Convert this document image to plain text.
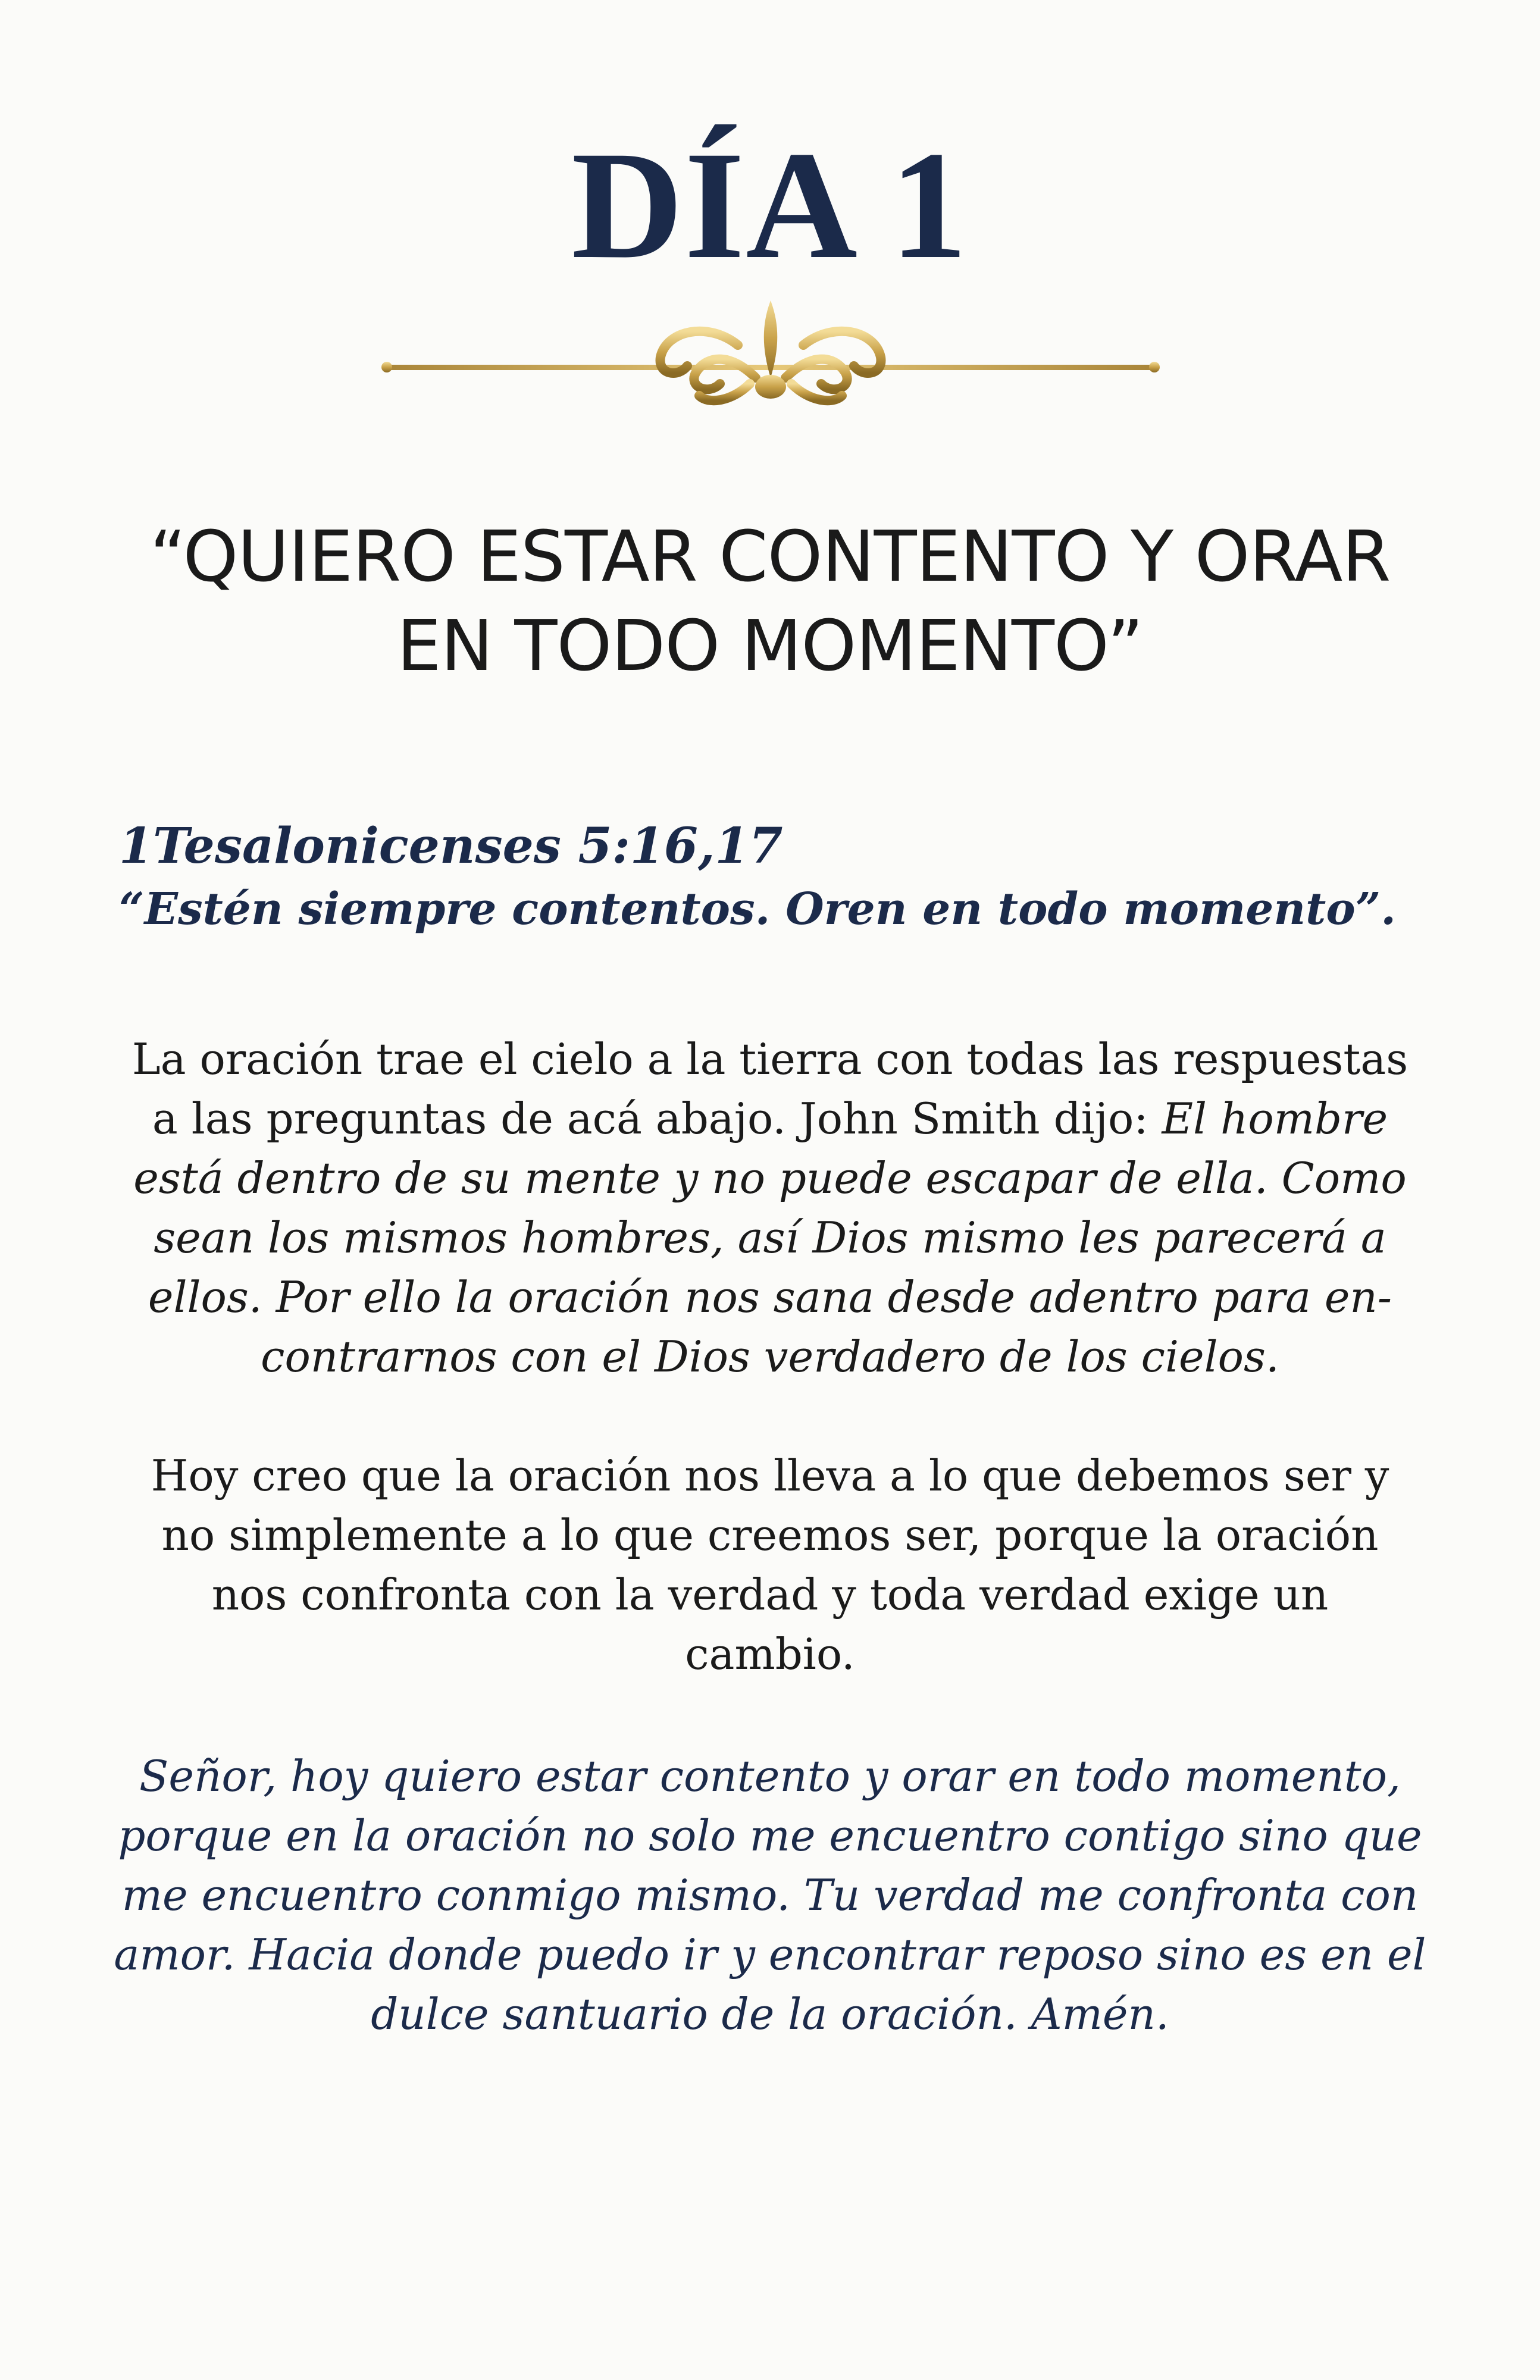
DÍA 1
“QUIERO ESTAR CONTENTO Y ORAR
EN TODO MOMENTO”
1Tesalonicenses 5:16,17
“Estén siempre contentos. Oren en todo momento”.
La oración trae el cielo a la tierra con todas las respuestas
a las preguntas de acá abajo. John Smith dijo: El hombre
está dentro de su mente y no puede escapar de ella. Como
sean los mismos hombres, así Dios mismo les parecerá a
ellos. Por ello la oración nos sana desde adentro para en-
contrarnos con el Dios verdadero de los cielos.
Hoy creo que la oración nos lleva a lo que debemos ser y
no simplemente a lo que creemos ser, porque la oración
nos confronta con la verdad y toda verdad exige un
cambio.
Señor, hoy quiero estar contento y orar en todo momento,
porque en la oración no solo me encuentro contigo sino que
me encuentro conmigo mismo. Tu verdad me confronta con
amor. Hacia donde puedo ir y encontrar reposo sino es en el
dulce santuario de la oración. Amén.
